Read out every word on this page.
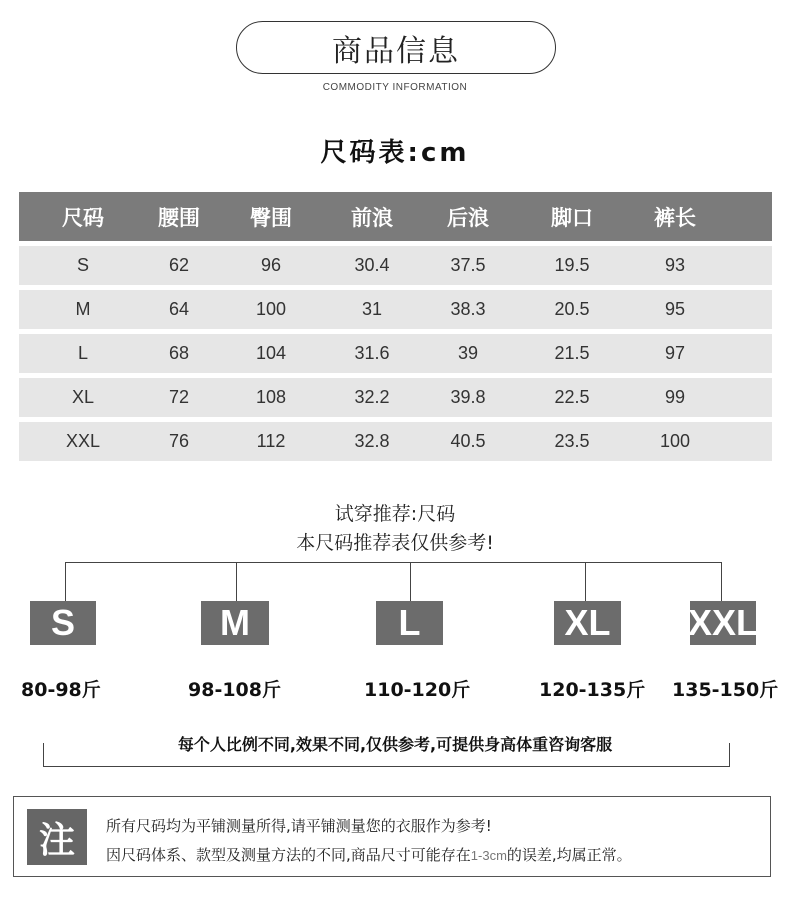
商品信息
COMMODITY INFORMATION
尺码表:cm
尺码	腰围 臀围	前浪	后浪	脚口	裤长
S	62	96	30.4	37.5	19.5	93
M	64	100	31	38.3	20.5	95
L	68	104	31.6	39	21.5	97
XL	72	108	32.2	39.8	22.5	99
XXL	76	112	32.8	40.5	23.5	100
试穿推荐:尺码
本尺码推荐表仅供参考!
S	M	L	XL XXL
80-98斤	98-108斤	110-120斤	120-135斤 135-150斤
每个人比例不同,效果不同,仅供参考,可提供身高体重咨询客服
注	所有尺码均为平铺测量所得,请平铺测量您的衣服作为参考!
因尺码体系、款型及测量方法的不同,商品尺寸可能存在1-3cm的误差,均属正常。
